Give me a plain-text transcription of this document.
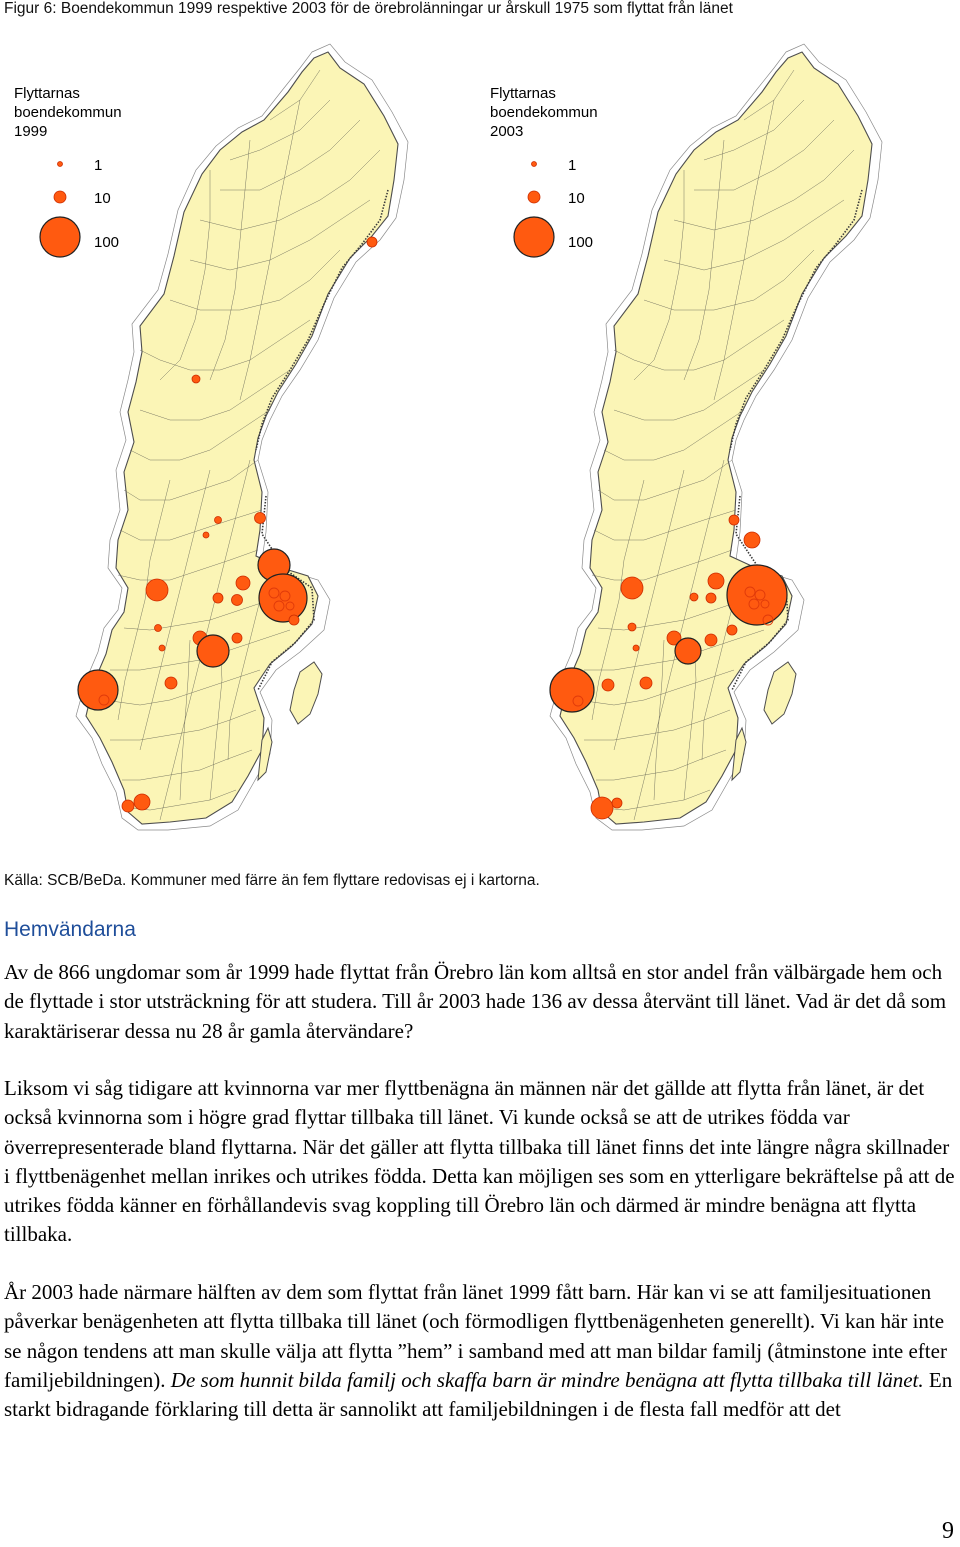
Figur 6: Boendekommun 1999 respektive 2003 för de örebrolänningar ur årskull 1975 som flyttat från länet
Flyttarnas
boendekommun
1999
1
10
100
Flyttarnas
boendekommun
2003
1
10
100
Källa: SCB/BeDa. Kommuner med färre än fem flyttare redovisas ej i kartorna.
Hemvändarna

Av de 866 ungdomar som år 1999 hade flyttat från Örebro län kom alltså en stor andel från välbärgade hem och de flyttade i stor utsträckning för att studera. Till år 2003 hade 136 av dessa återvänt till länet. Vad är det då som karaktäriserar dessa nu 28 år gamla återvändare?

Liksom vi såg tidigare att kvinnorna var mer flyttbenägna än männen när det gällde att flytta från länet, är det också kvinnorna som i högre grad flyttar tillbaka till länet. Vi kunde också se att de utrikes födda var överrepresenterade bland flyttarna. När det gäller att flytta tillbaka till länet finns det inte längre några skillnader i flyttbenägenhet mellan inrikes och utrikes födda. Detta kan möjligen ses som en ytterligare bekräftelse på att de utrikes födda känner en förhållandevis svag koppling till Örebro län och därmed är mindre benägna att flytta tillbaka.

År 2003 hade närmare hälften av dem som flyttat från länet 1999 fått barn. Här kan vi se att familjesituationen påverkar benägenheten att flytta tillbaka till länet (och förmodligen flyttbenägenheten generellt). Vi kan här inte se någon tendens att man skulle välja att flytta ”hem” i samband med att man bildar familj (åtminstone inte efter familjebildningen). De som hunnit bilda familj och skaffa barn är mindre benägna att flytta tillbaka till länet. En starkt bidragande förklaring till detta är sannolikt att familjebildningen i de flesta fall medför att det

9
